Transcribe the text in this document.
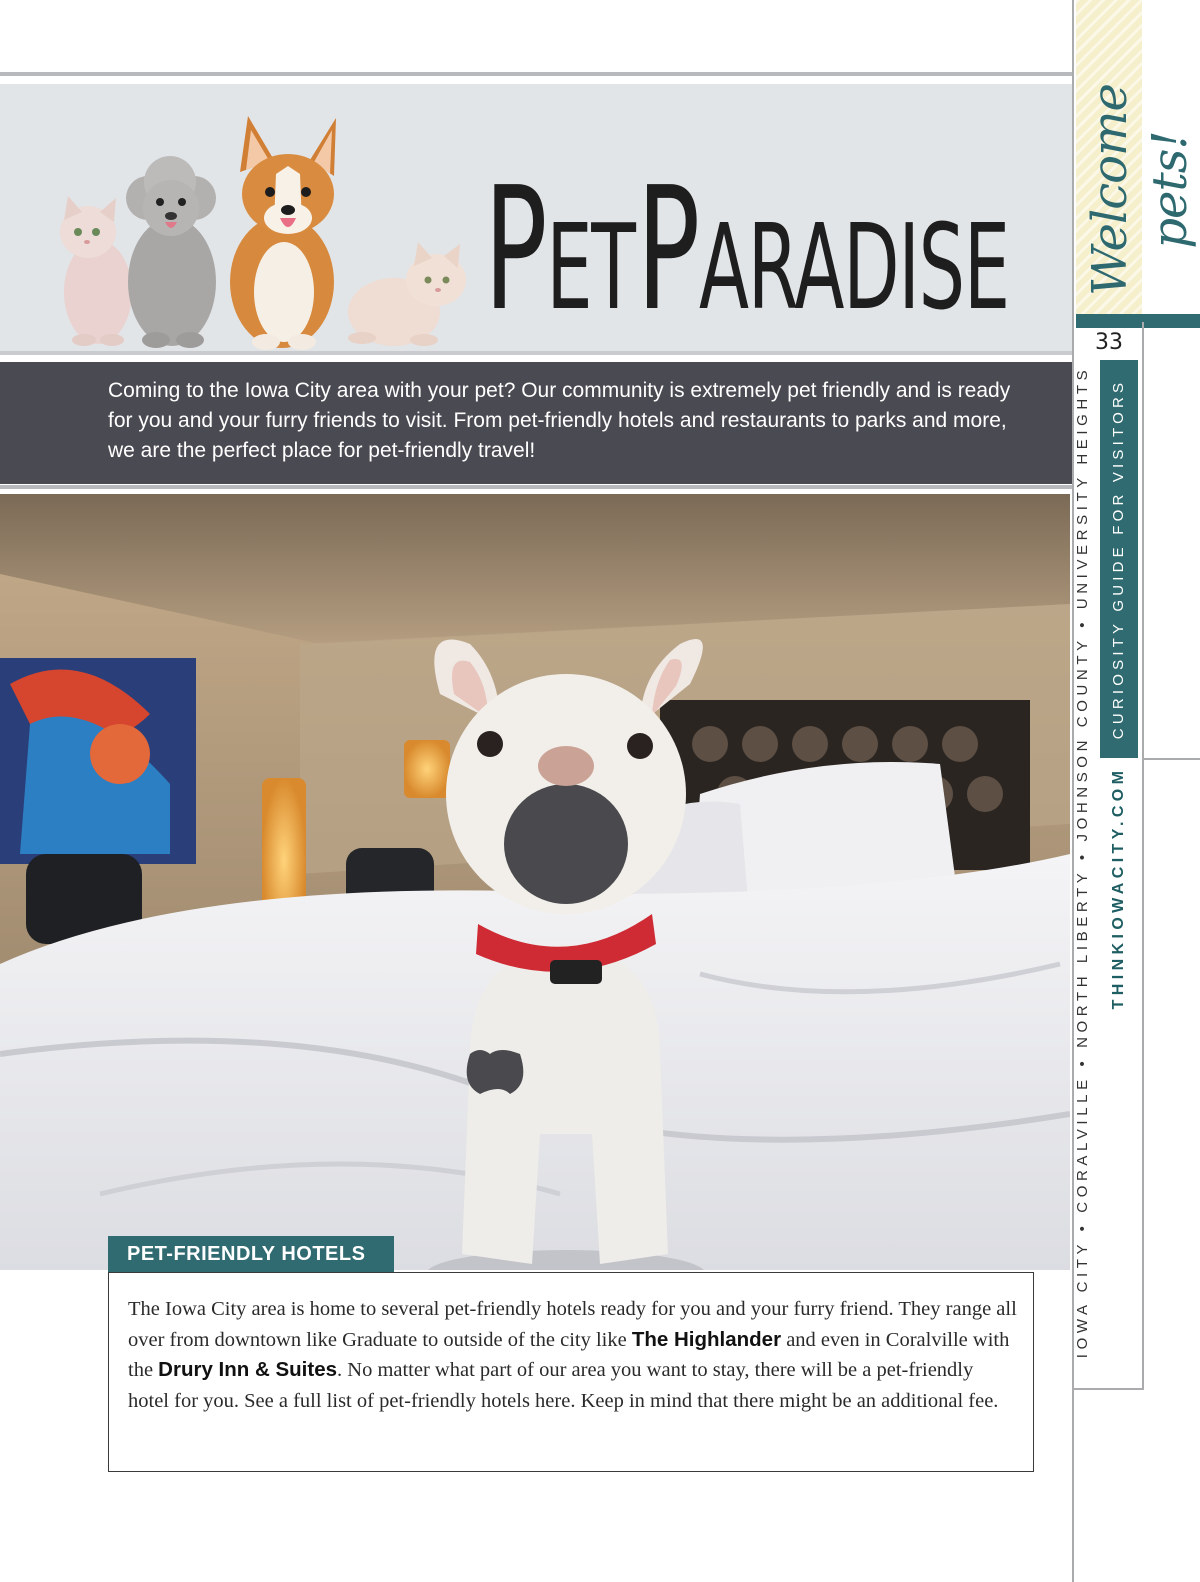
PET PARADISE
Coming to the Iowa City area with your pet? Our community is extremely pet friendly and is ready for you and your furry friends to visit. From pet-friendly hotels and restaurants to parks and more, we are the perfect place for pet-friendly travel!
PET-FRIENDLY HOTELS
The Iowa City area is home to several pet-friendly hotels ready for you and your furry friend. They range all over from downtown like Graduate to outside of the city like The Highlander and even in Coralville with the Drury Inn & Suites. No matter what part of our area you want to stay, there will be a pet-friendly hotel for you. See a full list of pet-friendly hotels here. Keep in mind that there might be an additional fee.
Welcome pets!
33
CURIOSITY GUIDE FOR VISITORS
THINKIOWACITY.COM
IOWA CITY • CORALVILLE • NORTH LIBERTY • JOHNSON COUNTY • UNIVERSITY HEIGHTS
